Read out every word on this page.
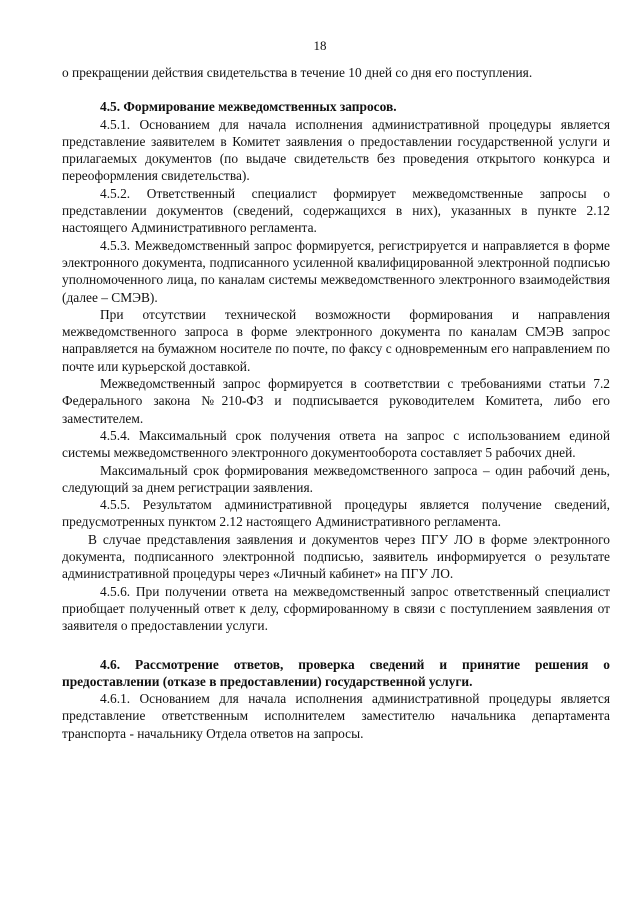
18

о прекращении действия свидетельства в течение 10 дней со дня его поступления.

4.5. Формирование межведомственных запросов.

4.5.1. Основанием для начала исполнения административной процедуры является представление заявителем в Комитет заявления о предоставлении государственной услуги и прилагаемых документов (по выдаче свидетельств без проведения открытого конкурса и переоформления свидетельства).

4.5.2. Ответственный специалист формирует межведомственные запросы о представлении документов (сведений, содержащихся в них), указанных в пункте 2.12 настоящего Административного регламента.

4.5.3. Межведомственный запрос формируется, регистрируется и направляется в форме электронного документа, подписанного усиленной квалифицированной электронной подписью уполномоченного лица, по каналам системы межведомственного электронного взаимодействия (далее – СМЭВ).

При отсутствии технической возможности формирования и направления межведомственного запроса в форме электронного документа по каналам СМЭВ запрос направляется на бумажном носителе по почте, по факсу с одновременным его направлением по почте или курьерской доставкой.

Межведомственный запрос формируется в соответствии с требованиями статьи 7.2 Федерального закона №210-ФЗ и подписывается руководителем Комитета, либо его заместителем.

4.5.4. Максимальный срок получения ответа на запрос с использованием единой системы межведомственного электронного документооборота составляет 5 рабочих дней.

Максимальный срок формирования межведомственного запроса – один рабочий день, следующий за днем регистрации заявления.

4.5.5. Результатом административной процедуры является получение сведений, предусмотренных пунктом 2.12 настоящего Административного регламента.

В случае представления заявления и документов через ПГУ ЛО в форме электронного документа, подписанного электронной подписью, заявитель информируется о результате административной процедуры через «Личный кабинет» на ПГУ ЛО.

4.5.6. При получении ответа на межведомственный запрос ответственный специалист приобщает полученный ответ к делу, сформированному в связи с поступлением заявления от заявителя о предоставлении услуги.

4.6. Рассмотрение ответов, проверка сведений и принятие решения о предоставлении (отказе в предоставлении) государственной услуги.

4.6.1. Основанием для начала исполнения административной процедуры является представление ответственным исполнителем заместителю начальника департамента транспорта - начальнику Отдела ответов на запросы.
